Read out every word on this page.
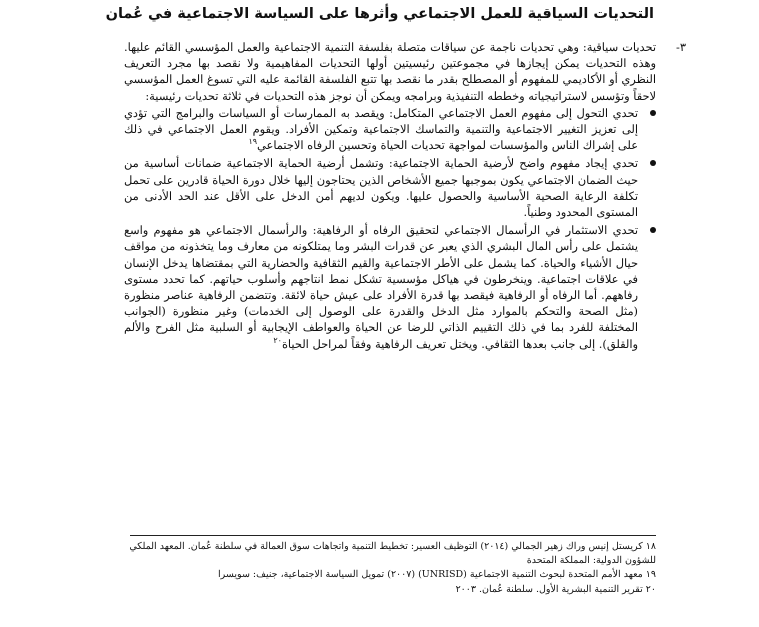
التحديات السياقية للعمل الاجتماعي وأثرها على السياسة الاجتماعية في عُمان

٣-
تحديات سياقية: وهي تحديات ناجمة عن سياقات متصلة بفلسفة التنمية الاجتماعية والعمل المؤسسي القائم عليها. وهذه التحديات يمكن إيجازها في مجموعتين رئيسيتين أولها التحديات المفاهيمية ولا نقصد بها مجرد التعريف النظري أو الأكاديمي للمفهوم أو المصطلح بقدر ما نقصد بها تتبع الفلسفة القائمة عليه التي تسوغ العمل المؤسسي لاحقاً وتؤسس لاستراتيجياته وخططه التنفيذية وبرامجه ويمكن أن نوجز هذه التحديات في ثلاثة تحديات رئيسية:

تحدي التحول إلى مفهوم العمل الاجتماعي المتكامل: ويقصد به الممارسات أو السياسات والبرامج التي تؤدي إلى تعزيز التغيير الاجتماعية والتنمية والتماسك الاجتماعية وتمكين الأفراد. ويقوم العمل الاجتماعي في ذلك على إشراك الناس والمؤسسات لمواجهة تحديات الحياة وتحسين الرفاه الاجتماعي$^{١٩}$
تحدي إيجاد مفهوم واضح لأرضية الحماية الاجتماعية: وتشمل أرضية الحماية الاجتماعية ضمانات أساسية من حيث الضمان الاجتماعي يكون بموجبها جميع الأشخاص الذين يحتاجون إليها خلال دورة الحياة قادرين على تحمل تكلفة الرعاية الصحية الأساسية والحصول عليها. ويكون لديهم أمن الدخل على الأقل عند الحد الأدنى من المستوى المحدود وطنياً.
تحدي الاستثمار في الرأسمال الاجتماعي لتحقيق الرفاه أو الرفاهية: والرأسمال الاجتماعي هو مفهوم واسع يشتمل على رأس المال البشري الذي يعبر عن قدرات البشر وما يمتلكونه من معارف وما يتخذونه من مواقف حيال الأشياء والحياة. كما يشمل على الأطر الاجتماعية والقيم الثقافية والحضارية التي بمقتضاها يدخل الإنسان في علاقات اجتماعية. وينخرطون في هياكل مؤسسية تشكل نمط انتاجهم وأسلوب حياتهم. كما تحدد مستوى رفاههم. أما الرفاه أو الرفاهية فيقصد بها قدرة الأفراد على عيش حياة لائقة. وتتضمن الرفاهية عناصر منظورة (مثل الصحة والتحكم بالموارد مثل الدخل والقدرة على الوصول إلى الخدمات) وغير منظورة (الجوانب المختلفة للفرد بما في ذلك التقييم الذاتي للرضا عن الحياة والعواطف الإيجابية أو السلبية مثل الفرح والألم والقلق). إلى جانب بعدها الثقافي. ويختل تعريف الرفاهية وفقاً لمراحل الحياة$^{٢٠}$

١٨ كريستل إنيس وراك زهير الجمالي (٢٠١٤) التوظيف العسير: تخطيط التنمية واتجاهات سوق العمالة في سلطنة عُمان. المعهد الملكي للشؤون الدولية: المملكة المتحدة

١٩ معهد الأمم المتحدة لبحوث التنمية الاجتماعية (UNRISD) (٢٠٠٧) تمويل السياسة الاجتماعية، جنيف: سويسرا

٢٠ تقرير التنمية البشرية الأول. سلطنة عُمان. ٢٠٠٣
